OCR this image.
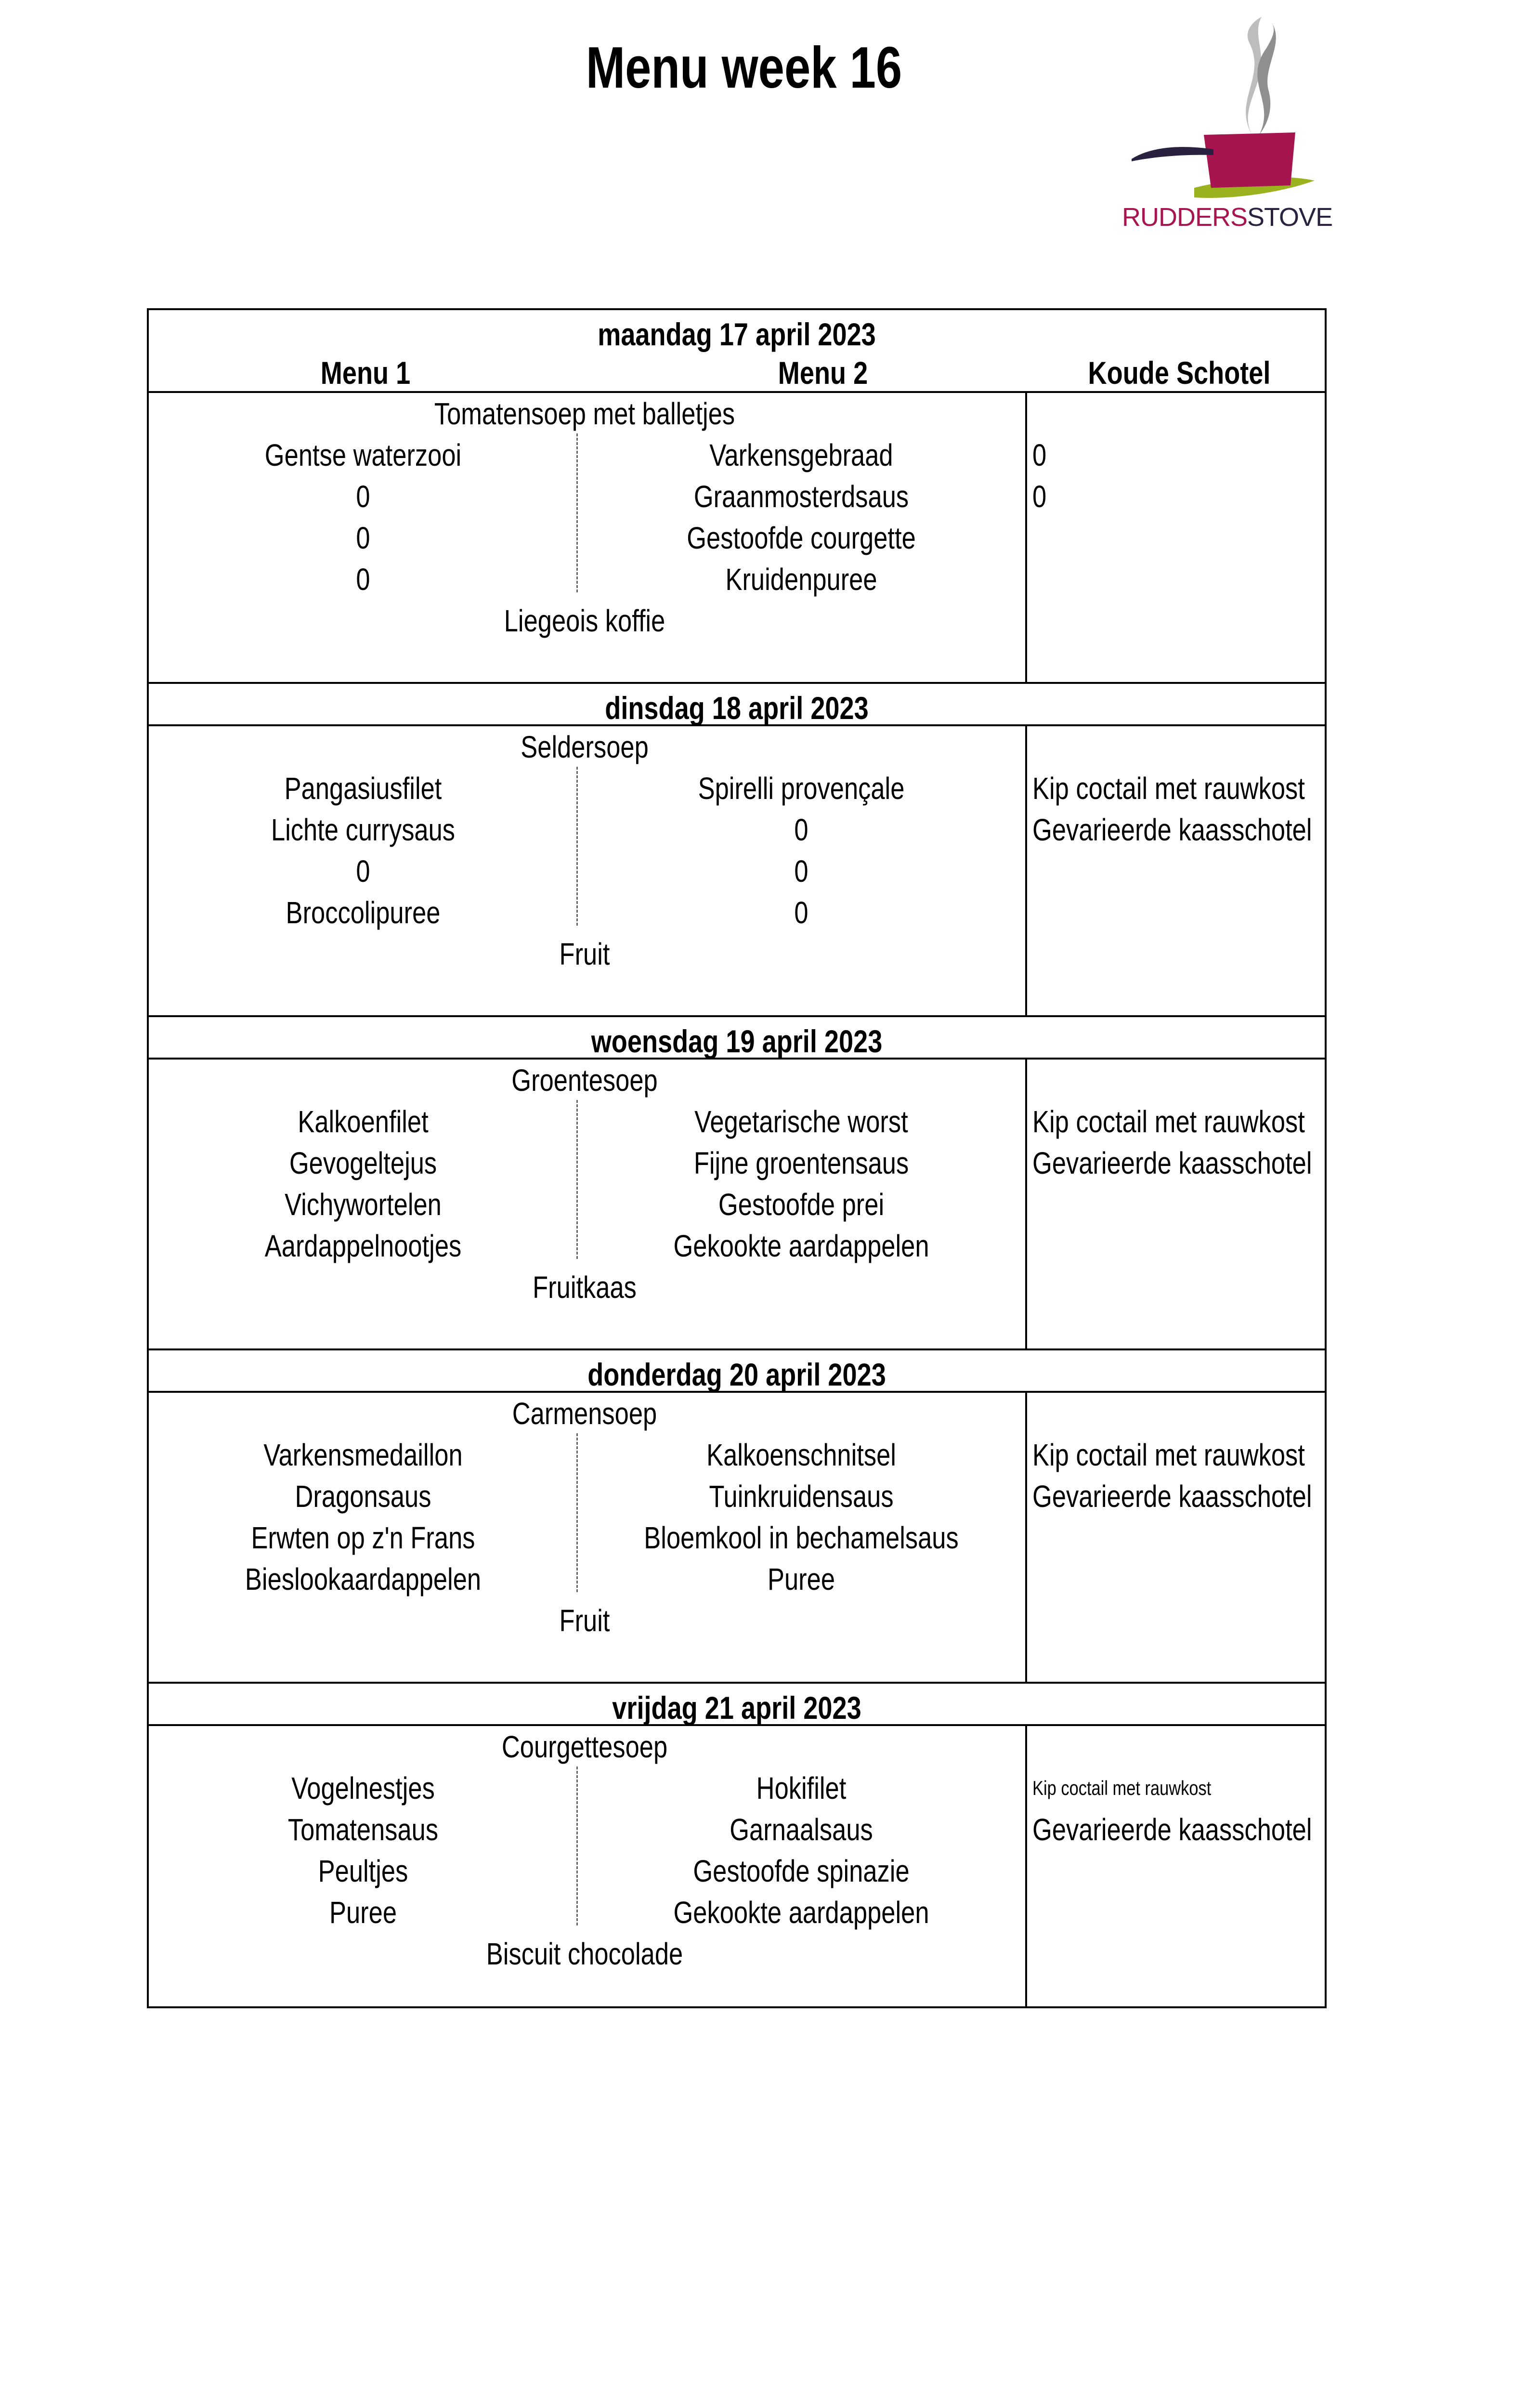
Menu week 16
RUDDERSSTOVE
maandag 17 april 2023
Menu 1	Menu 2	Koude Schotel
Tomatensoep met balletjes
Gentse waterzooi
0
0
0
Varkensgebraad
Graanmosterdsaus
Gestoofde courgette
Kruidenpuree
Liegeois koffie
0
0
dinsdag 18 april 2023
Seldersoep
Pangasiusfilet
Lichte currysaus
0
Broccolipuree
Spirelli provençale
0
0
0
Fruit
Kip coctail met rauwkost
Gevarieerde kaasschotel
woensdag 19 april 2023
Groentesoep
Kalkoenfilet
Gevogeltejus
Vichywortelen
Aardappelnootjes
Vegetarische worst
Fijne groentensaus
Gestoofde prei
Gekookte aardappelen
Fruitkaas
Kip coctail met rauwkost
Gevarieerde kaasschotel
donderdag 20 april 2023
Carmensoep
Varkensmedaillon
Dragonsaus
Erwten op z'n Frans
Bieslookaardappelen
Kalkoenschnitsel
Tuinkruidensaus
Bloemkool in bechamelsaus
Puree
Fruit
Kip coctail met rauwkost
Gevarieerde kaasschotel
vrijdag 21 april 2023
Courgettesoep
Vogelnestjes
Tomatensaus
Peultjes
Puree
Hokifilet
Garnaalsaus
Gestoofde spinazie
Gekookte aardappelen
Biscuit chocolade
Kip coctail met rauwkost
Gevarieerde kaasschotel
